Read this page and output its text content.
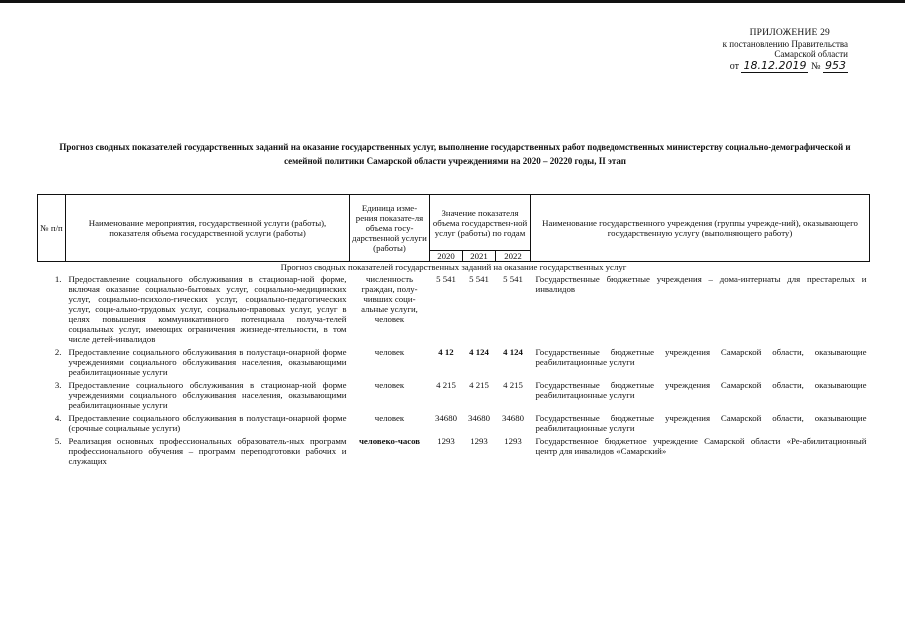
ПРИЛОЖЕНИЕ 29
к постановлению Правительства
Самарской области
от 18.12.2019 № 953
Прогноз сводных показателей государственных заданий на оказание государственных услуг, выполнение государственных работ подведомственных министерству социально-демографической и семейной политики Самарской области учреждениями на 2020 – 20220 годы, II этап
№ п/п	Наименование мероприятия, государственной услуги (работы), показателя объема государственной услуги (работы)	Единица изме-рения показате-ля объема госу-дарственной услуги (работы)	Значение показателя объема государствен-ной услуг (работы) по годам			Наименование государственного учреждения (группы учрежде-ний), оказывающего государственную услугу (выполняющего работу)
			2020	2021	2022	
Прогноз сводных показателей государственных заданий на оказание государственных услуг						
1.	Предоставление социального обслуживания в стационар-ной форме, включая оказание социально-бытовых услуг, социально-медицинских услуг, социально-психоло-гических услуг, социально-педагогических услуг, соци-ально-трудовых услуг, социально-правовых услуг, услуг в целях повышения коммуникативного потенциала получа-телей социальных услуг, имеющих ограничения жизнеде-ятельности, в том числе детей-инвалидов	численность граждан, полу-чивших соци-альные услуги, человек	5 541	5 541	5 541	Государственные бюджетные учреждения – дома-интернаты для престарелых и инвалидов
2.	Предоставление социального обслуживания в полустаци-онарной форме учреждениями социального обслуживания населения, оказывающими реабилитационные услуги	человек	4 12	4 124	4 124	Государственные бюджетные учреждения Самарской области, оказывающие реабилитационные услуги
3.	Предоставление социального обслуживания в стационар-ной форме учреждениями социального обслуживания населения, оказывающими реабилитационные услуги	человек	4 215	4 215	4 215	Государственные бюджетные учреждения Самарской области, оказывающие реабилитационные услуги
4.	Предоставление социального обслуживания в полустаци-онарной форме (срочные социальные услуги)	человек	34680	34680	34680	Государственные бюджетные учреждения Самарской области, оказывающие реабилитационные услуги
5.	Реализация основных профессиональных образователь-ных программ профессионального обучения – программ переподготовки рабочих и служащих	человеко-часов	1293	1293	1293	Государственное бюджетное учреждение Самарской области «Ре-абилитационный центр для инвалидов «Самарский»
